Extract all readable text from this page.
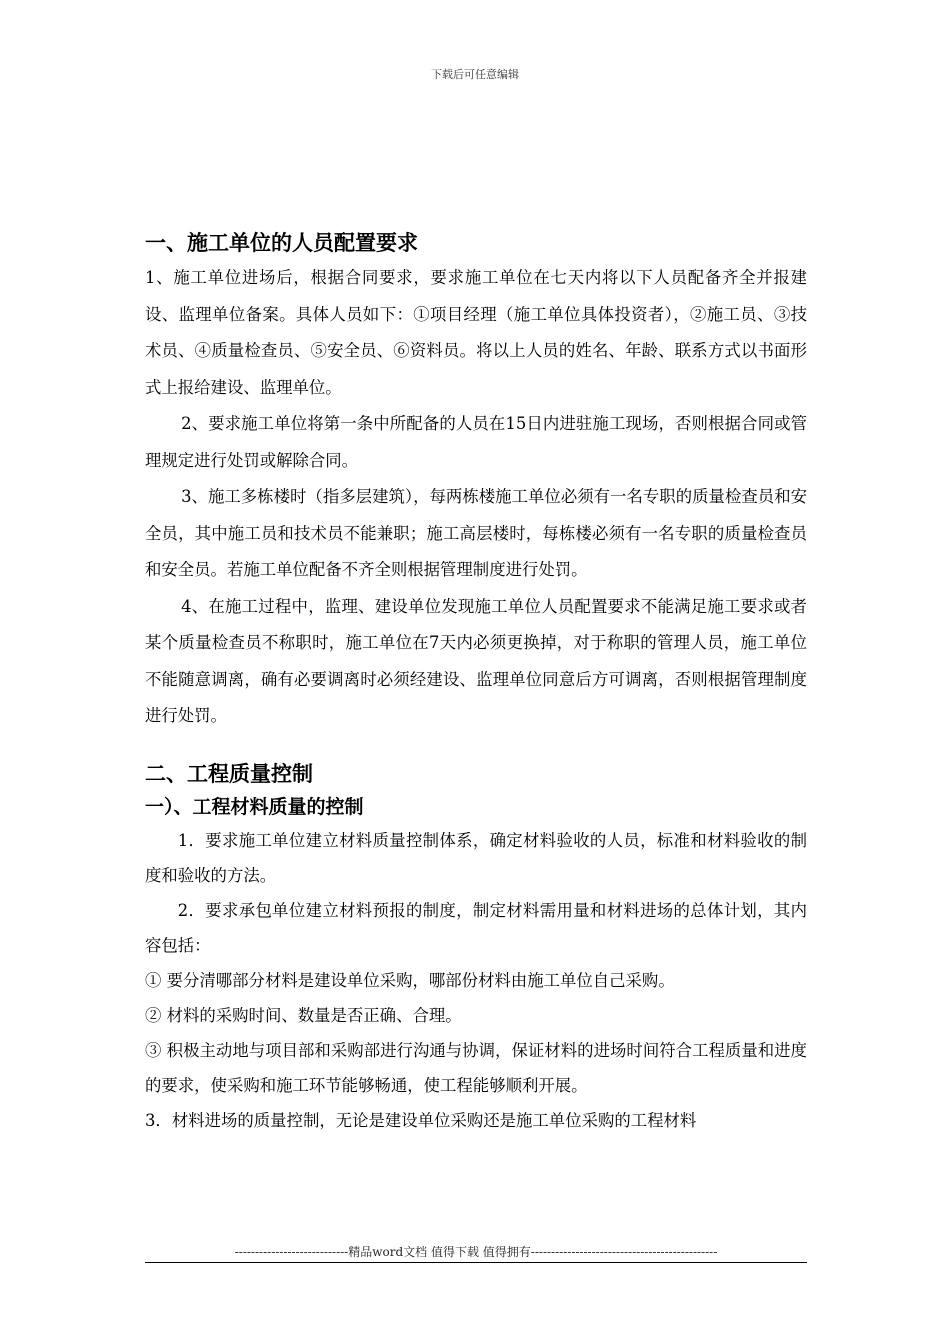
下载后可任意编辑
一、施工单位的人员配置要求

1、施工单位进场后，根据合同要求，要求施工单位在七天内将以下人员配备齐全并报建设、监理单位备案。具体人员如下：①项目经理（施工单位具体投资者），②施工员、③技术员、④质量检查员、⑤安全员、⑥资料员。将以上人员的姓名、年龄、联系方式以书面形式上报给建设、监理单位。

2、要求施工单位将第一条中所配备的人员在15日内进驻施工现场，否则根据合同或管理规定进行处罚或解除合同。

3、施工多栋楼时（指多层建筑），每两栋楼施工单位必须有一名专职的质量检查员和安全员，其中施工员和技术员不能兼职；施工高层楼时，每栋楼必须有一名专职的质量检查员和安全员。若施工单位配备不齐全则根据管理制度进行处罚。

4、在施工过程中，监理、建设单位发现施工单位人员配置要求不能满足施工要求或者某个质量检查员不称职时，施工单位在7天内必须更换掉，对于称职的管理人员，施工单位不能随意调离，确有必要调离时必须经建设、监理单位同意后方可调离，否则根据管理制度进行处罚。

二、工程质量控制
一）、工程材料质量的控制

1．要求施工单位建立材料质量控制体系，确定材料验收的人员，标准和材料验收的制度和验收的方法。

2．要求承包单位建立材料预报的制度，制定材料需用量和材料进场的总体计划，其内容包括：

① 要分清哪部分材料是建设单位采购，哪部份材料由施工单位自己采购。

② 材料的采购时间、数量是否正确、合理。

③ 积极主动地与项目部和采购部进行沟通与协调，保证材料的进场时间符合工程质量和进度的要求，使采购和施工环节能够畅通，使工程能够顺利开展。

3．材料进场的质量控制，无论是建设单位采购还是施工单位采购的工程材料

----------------------------精品word文档 值得下载 值得拥有----------------------------------------------
